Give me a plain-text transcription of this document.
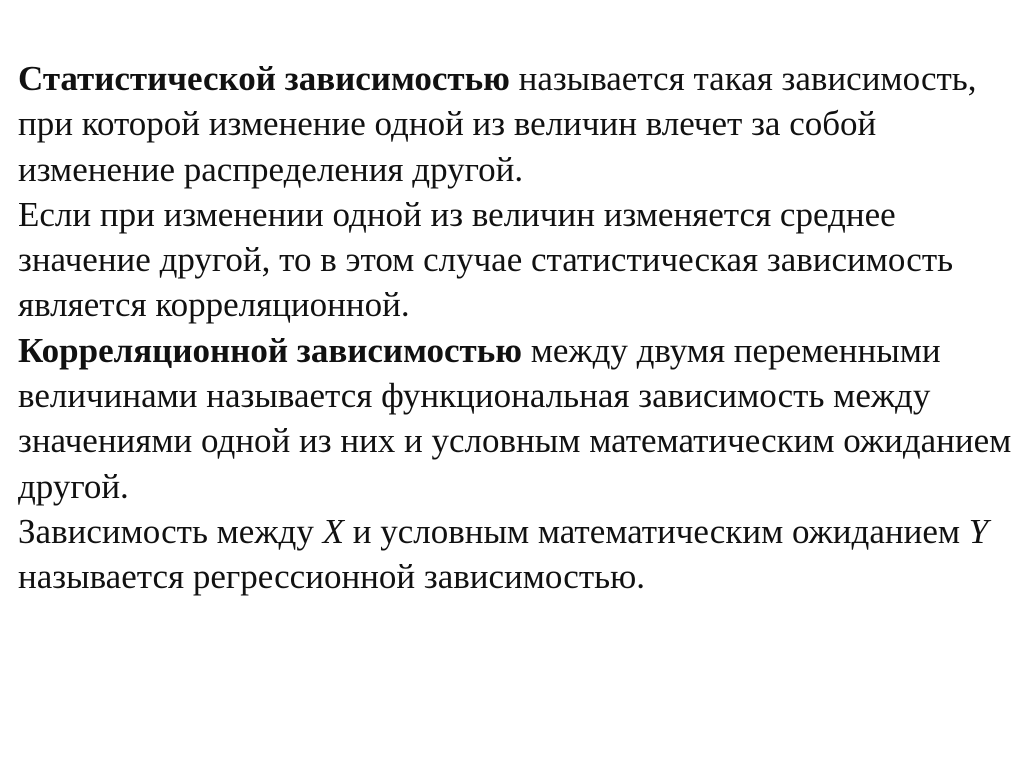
Статистической зависимостью называется такая зависимость, при которой изменение одной из величин влечет за собой изменение распределения другой.

Если при изменении одной из величин изменяется среднее значение другой, то в этом случае статистическая зависимость является корреляционной.

Корреляционной зависимостью между двумя переменными величинами называется функциональная зависимость между значениями одной из них и условным математическим ожиданием другой.

Зависимость между X и условным математическим ожиданием Y называется регрессионной зависимостью.
